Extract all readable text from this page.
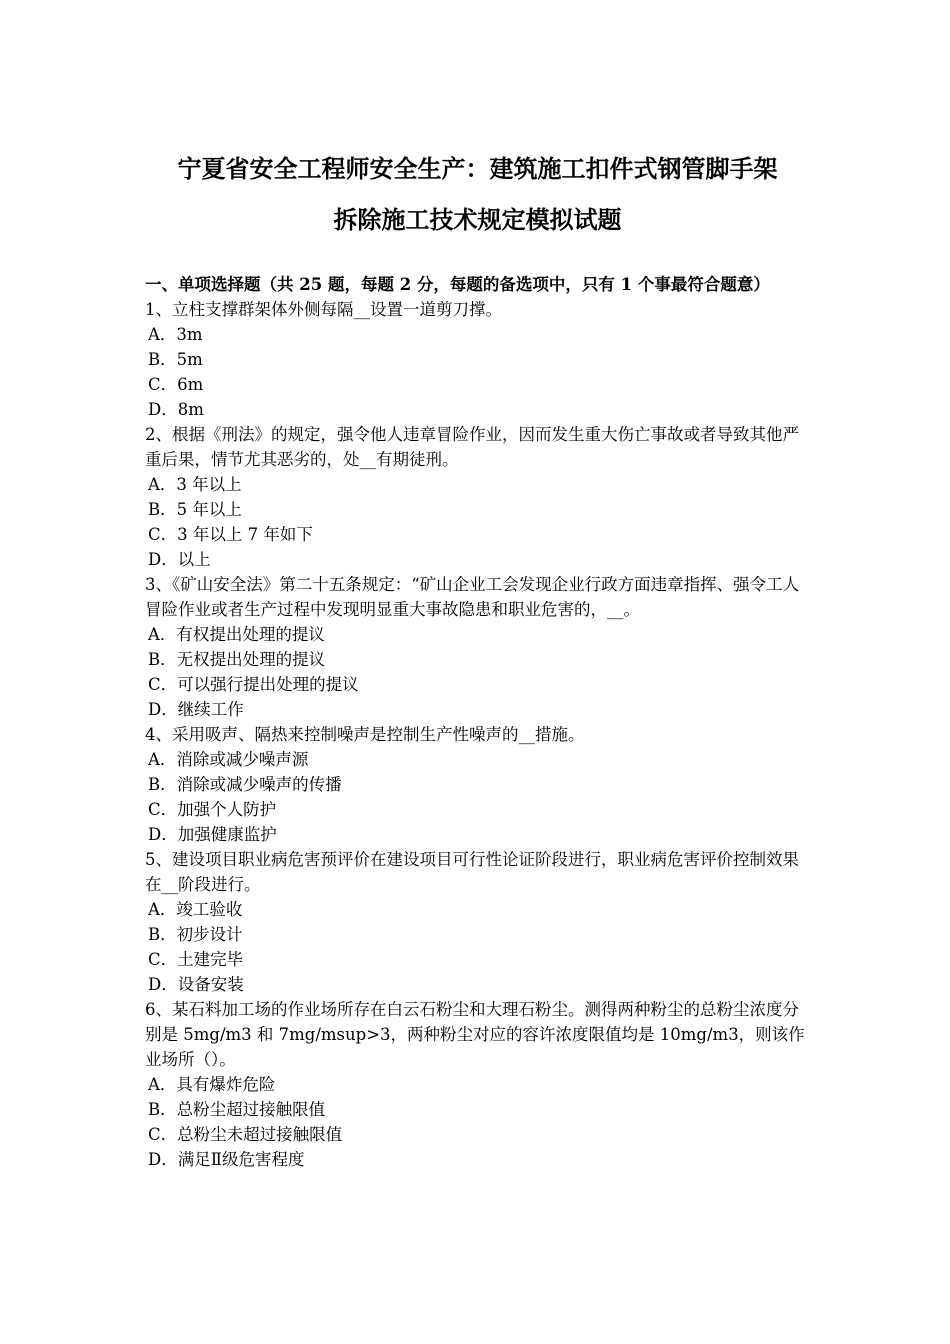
宁夏省安全工程师安全生产：建筑施工扣件式钢管脚手架
拆除施工技术规定模拟试题
一、单项选择题（共 25 题，每题 2 分，每题的备选项中，只有 1 个事最符合题意）
1、立柱支撑群架体外侧每隔__设置一道剪刀撑。
A．3m
B．5m
C．6m
D．8m
2、根据《刑法》的规定，强令他人违章冒险作业，因而发生重大伤亡事故或者导致其他严重后果，情节尤其恶劣的，处__有期徒刑。
A．3 年以上
B．5 年以上
C．3 年以上 7 年如下
D．以上
3、《矿山安全法》第二十五条规定：“矿山企业工会发现企业行政方面违章指挥、强令工人冒险作业或者生产过程中发现明显重大事故隐患和职业危害的，__。
A．有权提出处理的提议
B．无权提出处理的提议
C．可以强行提出处理的提议
D．继续工作
4、采用吸声、隔热来控制噪声是控制生产性噪声的__措施。
A．消除或减少噪声源
B．消除或减少噪声的传播
C．加强个人防护
D．加强健康监护
5、建设项目职业病危害预评价在建设项目可行性论证阶段进行，职业病危害评价控制效果在__阶段进行。
A．竣工验收
B．初步设计
C．土建完毕
D．设备安装
6、某石料加工场的作业场所存在白云石粉尘和大理石粉尘。测得两种粉尘的总粉尘浓度分别是 5mg/m3 和 7mg/msup>3，两种粉尘对应的容许浓度限值均是 10mg/m3，则该作业场所（）。
A．具有爆炸危险
B．总粉尘超过接触限值
C．总粉尘未超过接触限值
D．满足Ⅱ级危害程度
